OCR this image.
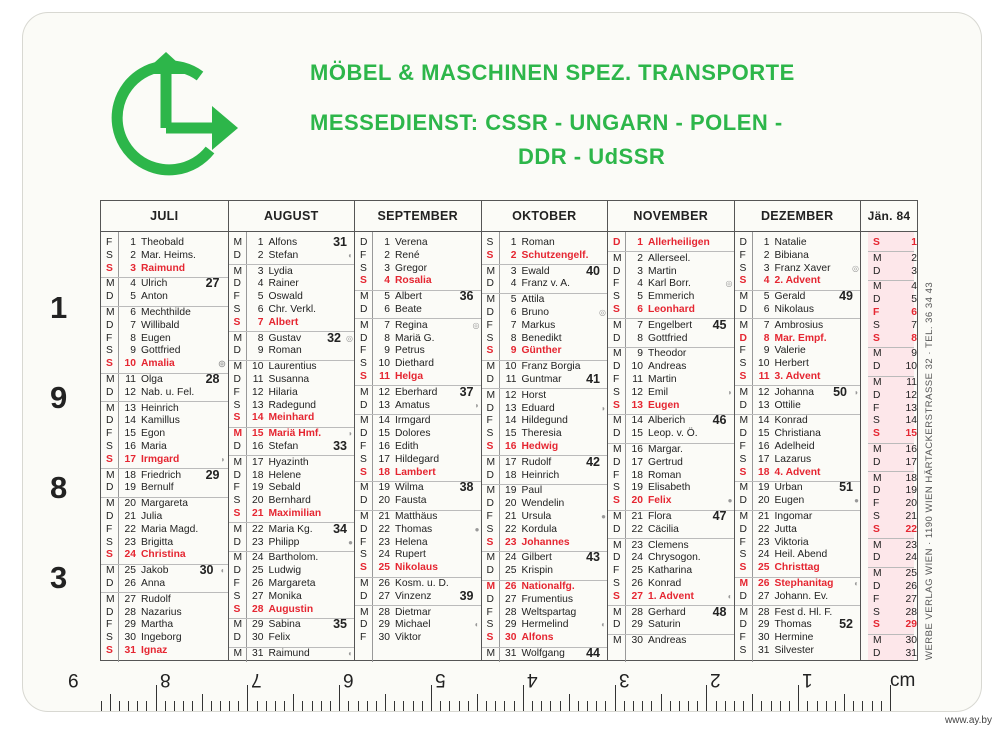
MÖBEL & MASCHINEN SPEZ. TRANSPORTE
MESSEDIENST: CSSR - UNGARN - POLEN -
DDR - UdSSR
1
9
8
3
JULI
F	1 Theobald
S	2 Mar. Heims.
S	3 Raimund
M	4 Ulrich	27
D	5 Anton
M	6 Mechthilde
D	7 Willibald
F	8 Eugen
S	9 Gottfried
S	10 Amalia	◎
M	11 Olga	28
D	12 Nab. u. Fel.
M 13 Heinrich
D	14 Kamillus
F	15 Egon
S	16 Maria
S	17 Irmgard	◗
M 18 Friedrich 29
D	19 Bernulf
M 20 Margareta
D	21 Julia
F	22 Maria Magd.
S	23 Brigitta
S	24 Christina
M 25 Jakob 30 ◐
D	26 Anna
M 27 Rudolf
D	28 Nazarius
F	29 Martha
S	30 Ingeborg
S	31 Ignaz
AUGUST
M	1 Alfons	31
D	2 Stefan	◐
M	3 Lydia
D	4 Rainer
F	5 Oswald
S	6 Chr. Verkl.
S	7 Albert
M	8 Gustav 32 ◎
D	9 Roman
M 10 Laurentius
D	11 Susanna
F	12 Hilaria
S	13 Radegund
S	14 Meinhard
M 15 Mariä Hmf.	◗
D	16 Stefan	33
M 17 Hyazinth
D	18 Helene
F	19 Sebald
S	20 Bernhard
S	21 Maximilian
M 22 Maria Kg. 34
D	23 Philipp	●
M 24 Bartholom.
D	25 Ludwig
F	26 Margareta
S	27 Monika
S	28 Augustin
M 29 Sabina	35
D	30 Felix
M 31 Raimund	◐
SEPTEMBER
D	1 Verena
F	2 René
S	3 Gregor
S	4 Rosalia
M	5 Albert	36
D	6 Beate
M	7 Regina	◎
D	8 Mariä G.
F	9 Petrus
S	10 Diethard
S	11 Helga
M 12 Eberhard 37
D	13 Amatus	◗
M 14 Irmgard
D	15 Dolores
F	16 Edith
S	17 Hildegard
S	18 Lambert
M 19 Wilma	38
D	20 Fausta
M 21 Matthäus
D	22 Thomas	●
F	23 Helena
S	24 Rupert
S	25 Nikolaus
M 26 Kosm. u. D.
D	27 Vinzenz 39
M 28 Dietmar
D	29 Michael	◐
F	30 Viktor
OKTOBER
S	1 Roman
S	2 Schutzengelf.
M	3 Ewald	40
D	4 Franz v. A.
M	5 Attila
D	6 Bruno	◎
F	7 Markus
S	8 Benedikt
S	9 Günther
M 10 Franz Borgia
D	11 Guntmar 41
M 12 Horst
D	13 Eduard	◗
F	14 Hildegund
S	15 Theresia
S	16 Hedwig
M 17 Rudolf	42
D	18 Heinrich
M 19 Paul
D	20 Wendelin
F	21 Ursula	●
S	22 Kordula
S	23 Johannes
M 24 Gilbert	43
D	25 Krispin
M 26 Nationalfg.
D	27 Frumentius
F	28 Weltspartag
S	29 Hermelind	◐
S	30 Alfons
M 31 Wolfgang 44
NOVEMBER
D	1 Allerheiligen
M	2 Allerseel.
D	3 Martin
F	4 Karl Borr.	◎
S	5 Emmerich
S	6 Leonhard
M	7 Engelbert 45
D	8 Gottfried
M	9 Theodor
D	10 Andreas
F	11 Martin
S	12 Emil	◗
S	13 Eugen
M 14 Alberich 46
D	15 Leop. v. Ö.
M 16 Margar.
D	17 Gertrud
F	18 Roman
S	19 Elisabeth
S	20 Felix	●
M 21 Flora	47
D	22 Cäcilia
M 23 Clemens
D	24 Chrysogon.
F	25 Katharina
S	26 Konrad
S	27 1. Advent	◐
M 28 Gerhard 48
D	29 Saturin
M 30 Andreas
DEZEMBER
D	1 Natalie
F	2 Bibiana
S	3 Franz Xaver	◎
S	4 2. Advent
M	5 Gerald	49
D	6 Nikolaus
M	7 Ambrosius
D	8 Mar. Empf.
F	9 Valerie
S	10 Herbert
S	11 3. Advent
M 12 Johanna 50 ◗
D	13 Ottilie
M 14 Konrad
D	15 Christiana
F	16 Adelheid
S	17 Lazarus
S	18 4. Advent
M 19 Urban	51
D	20 Eugen	●
M 21 Ingomar
D	22 Jutta
F	23 Viktoria
S	24 Heil. Abend
S	25 Christtag
M 26 Stephanitag	◐
D	27 Johann. Ev.
M 28 Fest d. Hl. F.
D	29 Thomas 52
F	30 Hermine
S	31 Silvester
Jän. 84
S	1
M	2
D	3
M	4
D	5
F	6
S	7
S	8
M	9
D	10
M	11
D	12
F	13
S	14
S	15
M	16
D	17
M	18
D	19
F	20
S	21
S	22
M	23
D	24
M	25
D	26
F	27
S	28
S	29
M	30
D	31 WERBE VERLAG WIEN · 1190 WIEN HÄRTACKERSTRASSE 32 · TEL. 36 34 43
9	8	7	6	5	4	3	2	1	cm
www.ay.by
